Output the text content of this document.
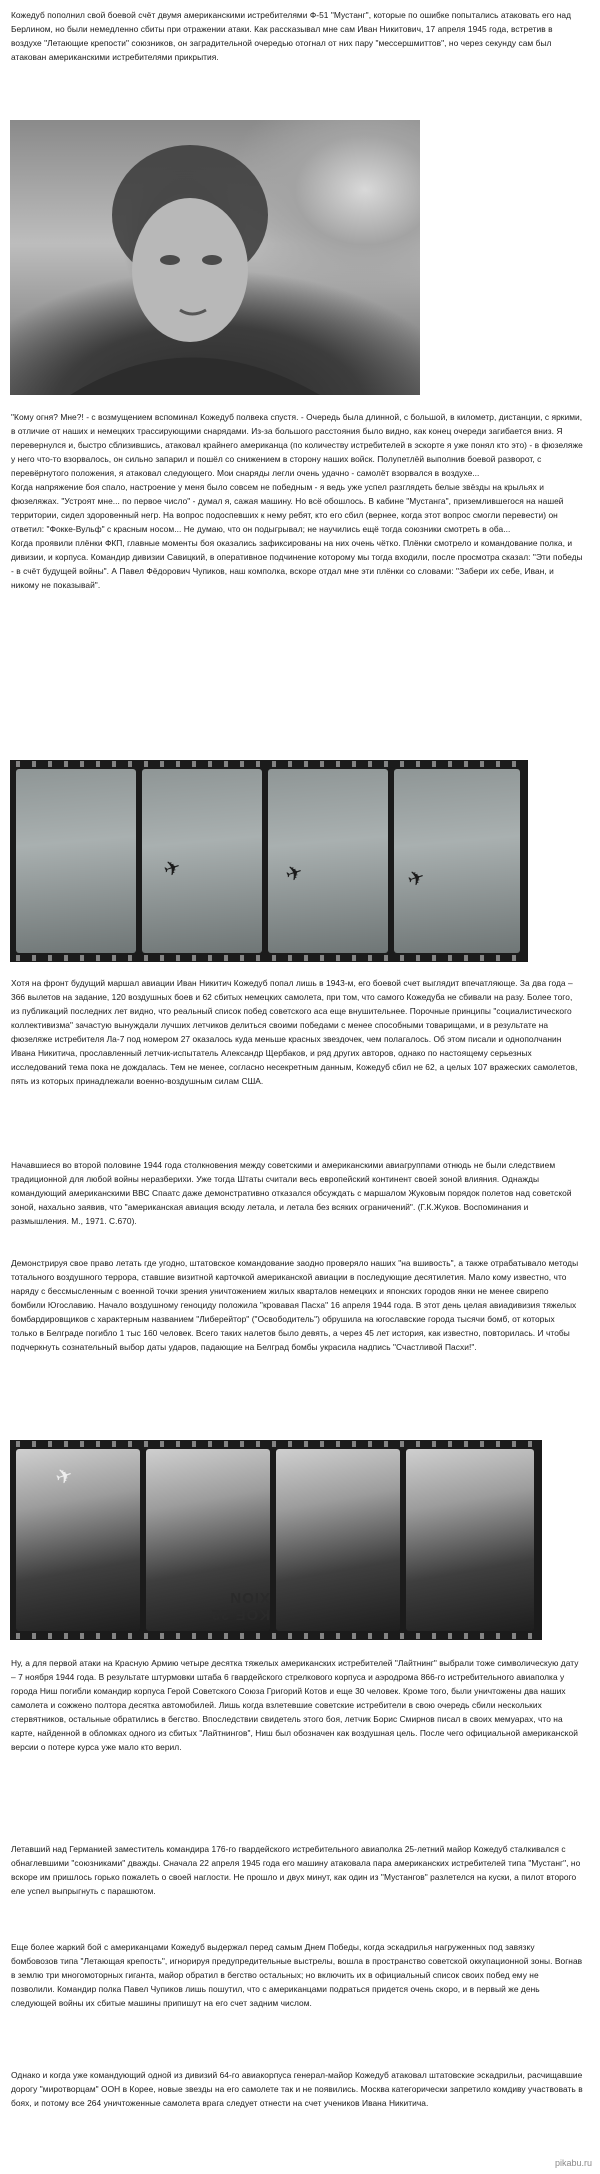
Кожедуб пополнил свой боевой счёт двумя американскими истребителями Ф-51 "Мустанг", которые по ошибке попытались атаковать его над Берлином, но были немедленно сбиты при отражении атаки. Как рассказывал мне сам Иван Никитович, 17 апреля 1945 года, встретив в воздухе "Летающие крепости" союзников, он заградительной очередью отогнал от них пару "мессершмиттов", но через секунду сам был атакован американскими истребителями прикрытия.

"Кому огня? Мне?! - с возмущением вспоминал Кожедуб полвека спустя. - Очередь была длинной, с большой, в километр, дистанции, с яркими, в отличие от наших и немецких трассирующими снарядами. Из-за большого расстояния было видно, как конец очереди загибается вниз. Я перевернулся и, быстро сблизившись, атаковал крайнего американца (по количеству истребителей в эскорте я уже понял кто это) - в фюзеляже у него что-то взорвалось, он сильно запарил и пошёл со снижением в сторону наших войск. Полупетлёй выполнив боевой разворот, с перевёрнутого положения, я атаковал следующего. Мои снаряды легли очень удачно - самолёт взорвался в воздухе...
Когда напряжение боя спало, настроение у меня было совсем не победным - я ведь уже успел разглядеть белые звёзды на крыльях и фюзеляжах. "Устроят мне... по первое число" - думал я, сажая машину. Но всё обошлось. В кабине "Мустанга", приземлившегося на нашей территории, сидел здоровенный негр. На вопрос подоспевших к нему ребят, кто его сбил (вернее, когда этот вопрос смогли перевести) он ответил: "Фокке-Вульф" с красным носом... Не думаю, что он подыгрывал; не научились ещё тогда союзники смотреть в оба...
Когда проявили плёнки ФКП, главные моменты боя оказались зафиксированы на них очень чётко. Плёнки смотрело и командование полка, и дивизии, и корпуса. Командир дивизии Савицкий, в оперативное подчинение которому мы тогда входили, после просмотра сказал: "Эти победы - в счёт будущей войны". А Павел Фёдорович Чупиков, наш комполка, вскоре отдал мне эти плёнки со словами: "Забери их себе, Иван, и никому не показывай".

✈	✈	✈

Хотя на фронт будущий маршал авиации Иван Никитич Кожедуб попал лишь в 1943-м, его боевой счет выглядит впечатляюще. За два года – 366 вылетов на задание, 120 воздушных боев и 62 сбитых немецких самолета, при том, что самого Кожедуба не сбивали на разу. Более того, из публикаций последних лет видно, что реальный список побед советского аса еще внушительнее. Порочные принципы "социалистического коллективизма" зачастую вынуждали лучших летчиков делиться своими победами с менее способными товарищами, и в результате на фюзеляже истребителя Ла-7 под номером 27 оказалось куда меньше красных звездочек, чем полагалось. Об этом писали и однополчанин Ивана Никитича, прославленный летчик-испытатель Александр Щербаков, и ряд других авторов, однако по настоящему серьезных исследований тема пока не дождалась. Тем не менее, согласно несекретным данным, Кожедуб сбил не 62, а целых 107 вражеских самолетов, пять из которых принадлежали военно-воздушным силам США.

Начавшиеся во второй половине 1944 года столкновения между советскими и американскими авиагруппами отнюдь не были следствием традиционной для любой войны неразберихи. Уже тогда Штаты считали весь европейский континент своей зоной влияния. Однажды командующий американскими ВВС Спаатс даже демонстративно отказался обсуждать с маршалом Жуковым порядок полетов над советской зоной, нахально заявив, что "американская авиация всюду летала, и летала без всяких ограничений". (Г.К.Жуков. Воспоминания и размышления. М., 1971. С.670).

Демонстрируя свое право летать где угодно, штатовское командование заодно проверяло наших "на вшивость", а также отрабатывало методы тотального воздушного террора, ставшие визитной карточкой американской авиации в последующие десятилетия. Мало кому известно, что наряду с бессмысленным с военной точки зрения уничтожением жилых кварталов немецких и японских городов янки не менее свирепо бомбили Югославию. Начало воздушному геноциду положила "кровавая Пасха" 16 апреля 1944 года. В этот день целая авиадивизия тяжелых бомбардировщиков с характерным названием "Либерейтор" ("Освободитель") обрушила на югославские города тысячи бомб, от которых только в Белграде погибло 1 тыс 160 человек. Всего таких налетов было девять, а через 45 лет история, как известно, повторилась. И чтобы подчеркнуть сознательный выбор даты ударов, падающие на Белград бомбы украсила надпись "Счастливой Пасхи!".

✈
KOE 22 XION

Ну, а для первой атаки на Красную Армию четыре десятка тяжелых американских истребителей "Лайтнинг" выбрали тоже символическую дату – 7 ноября 1944 года. В результате штурмовки штаба 6 гвардейского стрелкового корпуса и аэродрома 866-го истребительного авиаполка у города Ниш погибли командир корпуса Герой Советского Союза Григорий Котов и еще 30 человек. Кроме того, были уничтожены два наших самолета и сожжено полтора десятка автомобилей. Лишь когда взлетевшие советские истребители в свою очередь сбили нескольких стервятников, остальные обратились в бегство. Впоследствии свидетель этого боя, летчик Борис Смирнов писал в своих мемуарах, что на карте, найденной в обломках одного из сбитых "Лайтнингов", Ниш был обозначен как воздушная цель. После чего официальной американской версии о потере курса уже мало кто верил.

Летавший над Германией заместитель командира 176-го гвардейского истребительного авиаполка 25-летний майор Кожедуб сталкивался с обнаглевшими "союзниками" дважды. Сначала 22 апреля 1945 года его машину атаковала пара американских истребителей типа "Мустанг", но вскоре им пришлось горько пожалеть о своей наглости. Не прошло и двух минут, как один из "Мустангов" разлетелся на куски, а пилот второго еле успел выпрыгнуть с парашютом.

Еще более жаркий бой с американцами Кожедуб выдержал перед самым Днем Победы, когда эскадрилья нагруженных под завязку бомбовозов типа "Летающая крепость", игнорируя предупредительные выстрелы, вошла в пространство советской оккупационной зоны. Вогнав в землю три многомоторных гиганта, майор обратил в бегство остальных; но включить их в официальный список своих побед ему не позволили. Командир полка Павел Чупиков лишь пошутил, что с американцами подраться придется очень скоро, и в первый же день следующей войны их сбитые машины припишут на его счет задним числом.

Однако и когда уже командующий одной из дивизий 64-го авиакорпуса генерал-майор Кожедуб атаковал штатовские эскадрильи, расчищавшие дорогу "миротворцам" ООН в Корее, новые звезды на его самолете так и не появились. Москва категорически запретило комдиву участвовать в боях, и потому все 264 уничтоженные самолета врага следует отнести на счет учеников Ивана Никитича.

pikabu.ru
